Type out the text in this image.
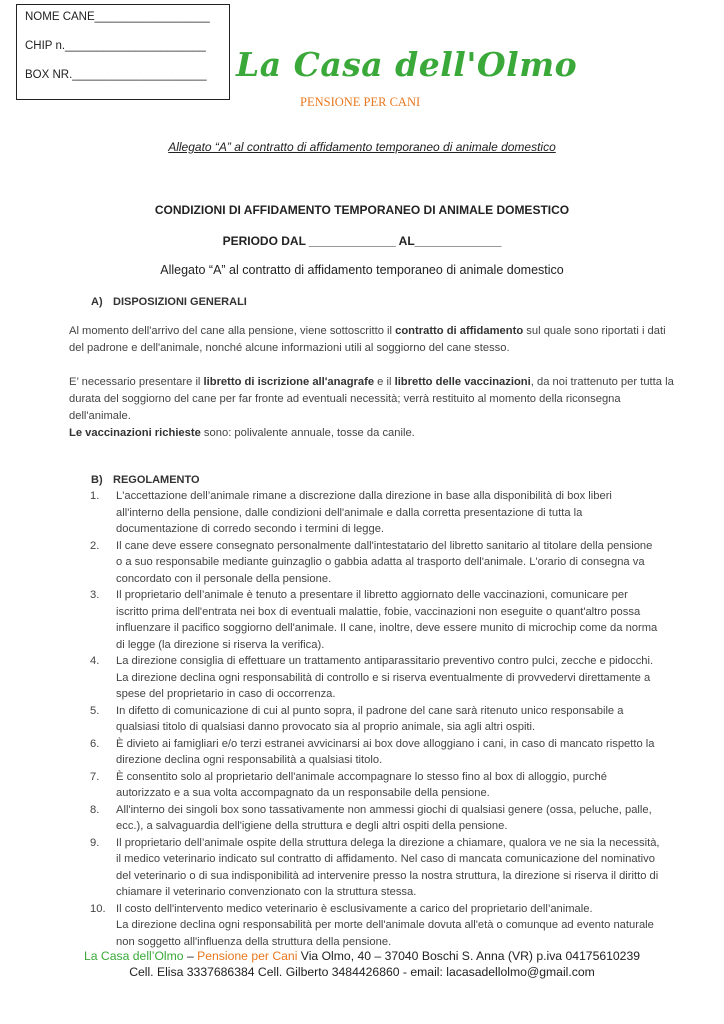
NOME CANE__________________
CHIP n.______________________
BOX NR._____________________ La Casa dell'Olmo
PENSIONE PER CANI
Allegato “A” al contratto di affidamento temporaneo di animale domestico
CONDIZIONI DI AFFIDAMENTO TEMPORANEO DI ANIMALE DOMESTICO
PERIODO DAL _____________ AL_____________
Allegato “A” al contratto di affidamento temporaneo di animale domestico
A) DISPOSIZIONI GENERALI
Al momento dell'arrivo del cane alla pensione, viene sottoscritto il contratto di affidamento sul quale sono riportati i dati del padrone e dell'animale, nonché alcune informazioni utili al soggiorno del cane stesso.
E’ necessario presentare il libretto di iscrizione all'anagrafe e il libretto delle vaccinazioni, da noi trattenuto per tutta la durata del soggiorno del cane per far fronte ad eventuali necessità; verrà restituito al momento della riconsegna dell'animale.
Le vaccinazioni richieste sono: polivalente annuale, tosse da canile.
B) REGOLAMENTO
1. L'accettazione dell’animale rimane a discrezione dalla direzione in base alla disponibilità di box liberi all'interno della pensione, dalle condizioni dell'animale e dalla corretta presentazione di tutta la documentazione di corredo secondo i termini di legge.
2. Il cane deve essere consegnato personalmente dall'intestatario del libretto sanitario al titolare della pensione o a suo responsabile mediante guinzaglio o gabbia adatta al trasporto dell'animale. L'orario di consegna va concordato con il personale della pensione.
3. Il proprietario dell’animale è tenuto a presentare il libretto aggiornato delle vaccinazioni, comunicare per iscritto prima dell'entrata nei box di eventuali malattie, fobie, vaccinazioni non eseguite o quant'altro possa influenzare il pacifico soggiorno dell'animale. Il cane, inoltre, deve essere munito di microchip come da norma di legge (la direzione si riserva la verifica).
4. La direzione consiglia di effettuare un trattamento antiparassitario preventivo contro pulci, zecche e pidocchi. La direzione declina ogni responsabilità di controllo e si riserva eventualmente di provvedervi direttamente a spese del proprietario in caso di occorrenza.
5. In difetto di comunicazione di cui al punto sopra, il padrone del cane sarà ritenuto unico responsabile a qualsiasi titolo di qualsiasi danno provocato sia al proprio animale, sia agli altri ospiti.
6. È divieto ai famigliari e/o terzi estranei avvicinarsi ai box dove alloggiano i cani, in caso di mancato rispetto la direzione declina ogni responsabilità a qualsiasi titolo.
7. È consentito solo al proprietario dell'animale accompagnare lo stesso fino al box di alloggio, purché autorizzato e a sua volta accompagnato da un responsabile della pensione.
8. All'interno dei singoli box sono tassativamente non ammessi giochi di qualsiasi genere (ossa, peluche, palle, ecc.), a salvaguardia dell'igiene della struttura e degli altri ospiti della pensione.
9. Il proprietario dell’animale ospite della struttura delega la direzione a chiamare, qualora ve ne sia la necessità, il medico veterinario indicato sul contratto di affidamento. Nel caso di mancata comunicazione del nominativo del veterinario o di sua indisponibilità ad intervenire presso la nostra struttura, la direzione si riserva il diritto di chiamare il veterinario convenzionato con la struttura stessa.
10. Il costo dell'intervento medico veterinario è esclusivamente a carico del proprietario dell’animale.
La direzione declina ogni responsabilità per morte dell'animale dovuta all'età o comunque ad evento naturale non soggetto all'influenza della struttura della pensione.
La Casa dell’Olmo – Pensione per Cani Via Olmo, 40 – 37040 Boschi S. Anna (VR) p.iva 04175610239
Cell. Elisa 3337686384 Cell. Gilberto 3484426860 - email: lacasadellolmo@gmail.com
